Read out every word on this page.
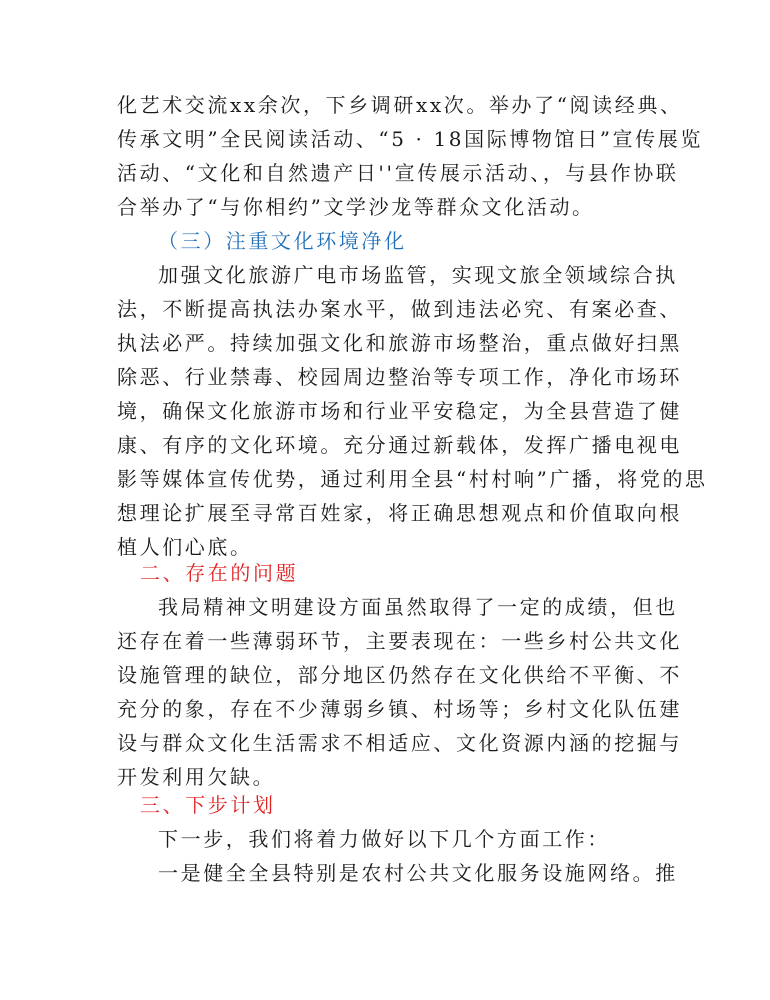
化艺术交流xx余次，下乡调研xx次。举办了“阅读经典、
传承文明”全民阅读活动、“5 · 18国际博物馆日”宣传展览
活动、“文化和自然遗产日''宣传展示活动、，与县作协联
合举办了“与你相约”文学沙龙等群众文化活动。
（三）注重文化环境净化
加强文化旅游广电市场监管，实现文旅全领域综合执
法，不断提高执法办案水平，做到违法必究、有案必查、
执法必严。持续加强文化和旅游市场整治，重点做好扫黑
除恶、行业禁毒、校园周边整治等专项工作，净化市场环
境，确保文化旅游市场和行业平安稳定，为全县营造了健
康、有序的文化环境。充分通过新载体，发挥广播电视电
影等媒体宣传优势，通过利用全县“村村响”广播，将党的思
想理论扩展至寻常百姓家，将正确思想观点和价值取向根
植人们心底。
二、存在的问题
我局精神文明建设方面虽然取得了一定的成绩，但也
还存在着一些薄弱环节，主要表现在：一些乡村公共文化
设施管理的缺位，部分地区仍然存在文化供给不平衡、不
充分的象，存在不少薄弱乡镇、村场等；乡村文化队伍建
设与群众文化生活需求不相适应、文化资源内涵的挖掘与
开发利用欠缺。
三、下步计划
下一步，我们将着力做好以下几个方面工作：
一是健全全县特别是农村公共文化服务设施网络。推
